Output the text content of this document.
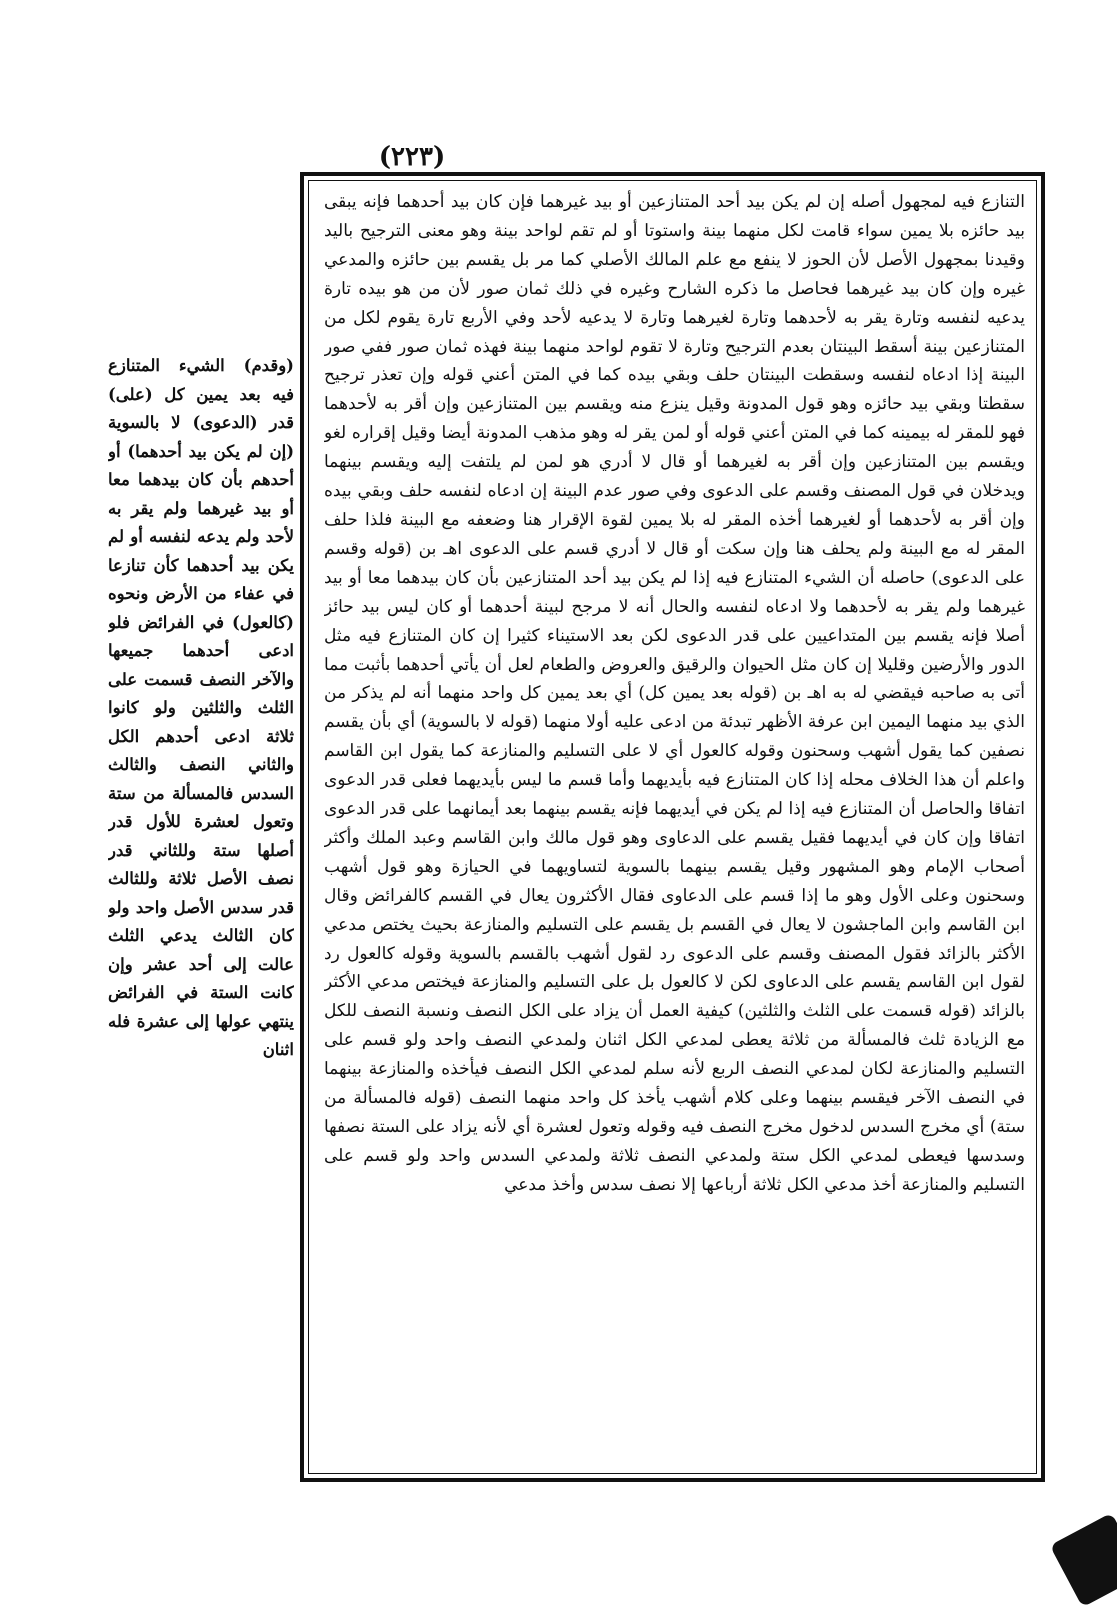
(٢٢٣)
التنازع فيه لمجهول أصله إن لم يكن بيد أحد المتنازعين أو بيد غيرهما فإن كان بيد أحدهما فإنه يبقى بيد حائزه بلا يمين سواء قامت لكل منهما بينة واستوتا أو لم تقم لواحد بينة وهو معنى الترجيح باليد وقيدنا بمجهول الأصل لأن الحوز لا ينفع مع علم المالك الأصلي كما مر بل يقسم بين حائزه والمدعي غيره وإن كان بيد غيرهما فحاصل ما ذكره الشارح وغيره في ذلك ثمان صور لأن من هو بيده تارة يدعيه لنفسه وتارة يقر به لأحدهما وتارة لغيرهما وتارة لا يدعيه لأحد وفي الأربع تارة يقوم لكل من المتنازعين بينة أسقط البينتان بعدم الترجيح وتارة لا تقوم لواحد منهما بينة فهذه ثمان صور ففي صور البينة إذا ادعاه لنفسه وسقطت البينتان حلف وبقي بيده كما في المتن أعني قوله وإن تعذر ترجيح سقطتا وبقي بيد حائزه وهو قول المدونة وقيل ينزع منه ويقسم بين المتنازعين وإن أقر به لأحدهما فهو للمقر له بيمينه كما في المتن أعني قوله أو لمن يقر له وهو مذهب المدونة أيضا وقيل إقراره لغو ويقسم بين المتنازعين وإن أقر به لغيرهما أو قال لا أدري هو لمن لم يلتفت إليه ويقسم بينهما ويدخلان في قول المصنف وقسم على الدعوى وفي صور عدم البينة إن ادعاه لنفسه حلف وبقي بيده وإن أقر به لأحدهما أو لغيرهما أخذه المقر له بلا يمين لقوة الإقرار هنا وضعفه مع البينة فلذا حلف المقر له مع البينة ولم يحلف هنا وإن سكت أو قال لا أدري قسم على الدعوى اهـ بن (قوله وقسم على الدعوى) حاصله أن الشيء المتنازع فيه إذا لم يكن بيد أحد المتنازعين بأن كان بيدهما معا أو بيد غيرهما ولم يقر به لأحدهما ولا ادعاه لنفسه والحال أنه لا مرجح لبينة أحدهما أو كان ليس بيد حائز أصلا فإنه يقسم بين المتداعيين على قدر الدعوى لكن بعد الاستيناء كثيرا إن كان المتنازع فيه مثل الدور والأرضين وقليلا إن كان مثل الحيوان والرقيق والعروض والطعام لعل أن يأتي أحدهما بأثبت مما أتى به صاحبه فيقضي له به اهـ بن (قوله بعد يمين كل) أي بعد يمين كل واحد منهما أنه لم يذكر من الذي بيد منهما اليمين ابن عرفة الأظهر تبدئة من ادعى عليه أولا منهما (قوله لا بالسوية) أي بأن يقسم نصفين كما يقول أشهب وسحنون وقوله كالعول أي لا على التسليم والمنازعة كما يقول ابن القاسم واعلم أن هذا الخلاف محله إذا كان المتنازع فيه بأيديهما وأما قسم ما ليس بأيديهما فعلى قدر الدعوى اتفاقا والحاصل أن المتنازع فيه إذا لم يكن في أيديهما فإنه يقسم بينهما بعد أيمانهما على قدر الدعوى اتفاقا وإن كان في أيديهما فقيل يقسم على الدعاوى وهو قول مالك وابن القاسم وعبد الملك وأكثر أصحاب الإمام وهو المشهور وقيل يقسم بينهما بالسوية لتساويهما في الحيازة وهو قول أشهب وسحنون وعلى الأول وهو ما إذا قسم على الدعاوى فقال الأكثرون يعال في القسم كالفرائض وقال ابن القاسم وابن الماجشون لا يعال في القسم بل يقسم على التسليم والمنازعة بحيث يختص مدعي الأكثر بالزائد فقول المصنف وقسم على الدعوى رد لقول أشهب بالقسم بالسوية وقوله كالعول رد لقول ابن القاسم يقسم على الدعاوى لكن لا كالعول بل على التسليم والمنازعة فيختص مدعي الأكثر بالزائد (قوله قسمت على الثلث والثلثين) كيفية العمل أن يزاد على الكل النصف ونسبة النصف للكل مع الزيادة ثلث فالمسألة من ثلاثة يعطى لمدعي الكل اثنان ولمدعي النصف واحد ولو قسم على التسليم والمنازعة لكان لمدعي النصف الربع لأنه سلم لمدعي الكل النصف فيأخذه والمنازعة بينهما في النصف الآخر فيقسم بينهما وعلى كلام أشهب يأخذ كل واحد منهما النصف (قوله فالمسألة من ستة) أي مخرج السدس لدخول مخرج النصف فيه وقوله وتعول لعشرة أي لأنه يزاد على الستة نصفها وسدسها فيعطى لمدعي الكل ستة ولمدعي النصف ثلاثة ولمدعي السدس واحد ولو قسم على التسليم والمنازعة أخذ مدعي الكل ثلاثة أرباعها إلا نصف سدس وأخذ مدعي
(وقدم) الشيء المتنازع فيه بعد يمين كل (على) قدر (الدعوى) لا بالسوية (إن لم يكن بيد أحدهما) أو أحدهم بأن كان بيدهما معا أو بيد غيرهما ولم يقر به لأحد ولم يدعه لنفسه أو لم يكن بيد أحدهما كأن تنازعا في عفاء من الأرض ونحوه (كالعول) في الفرائض فلو ادعى أحدهما جميعها والآخر النصف قسمت على الثلث والثلثين ولو كانوا ثلاثة ادعى أحدهم الكل والثاني النصف والثالث السدس فالمسألة من ستة وتعول لعشرة للأول قدر أصلها ستة وللثاني قدر نصف الأصل ثلاثة وللثالث قدر سدس الأصل واحد ولو كان الثالث يدعي الثلث عالت إلى أحد عشر وإن كانت الستة في الفرائض ينتهي عولها إلى عشرة فله اثنان
